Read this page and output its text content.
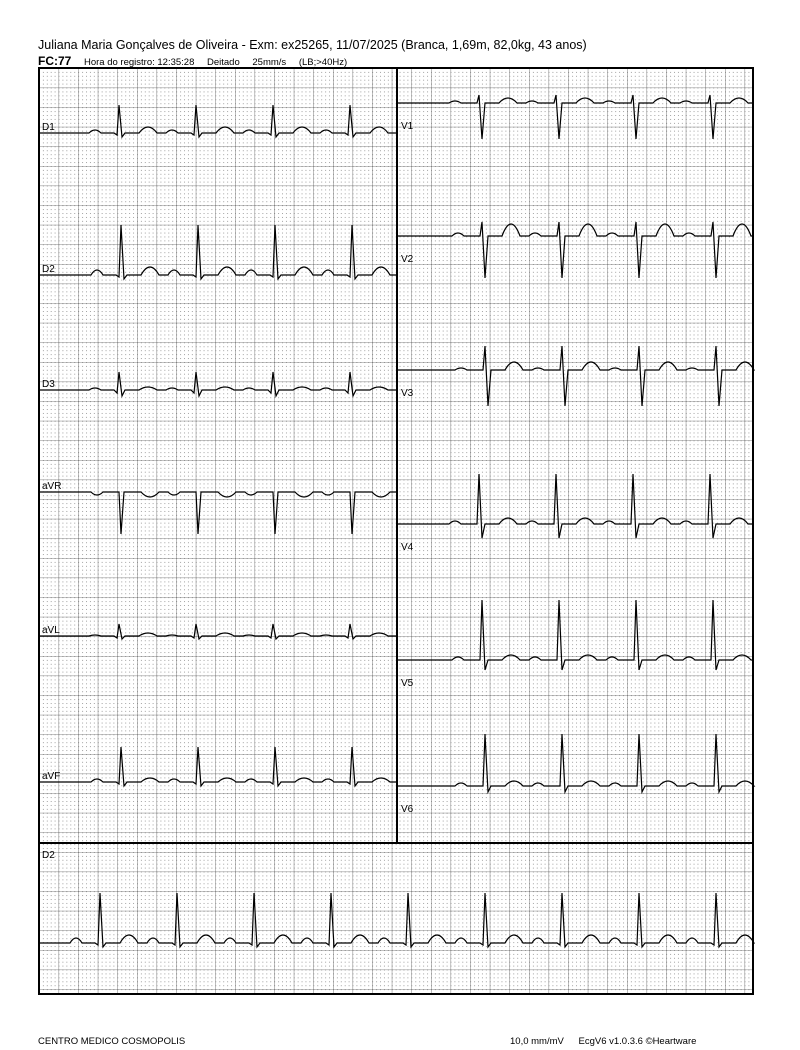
Juliana Maria Gonçalves de Oliveira - Exm: ex25265, 11/07/2025 (Branca, 1,69m, 82,0kg, 43 anos)
FC:77 Hora do registro: 12:35:28 Deitado 25mm/s (LB;>40Hz)
D1
D2
D3
aVR
aVL
aVF
V1
V2
V3
V4
V5
V6
D2
CENTRO MEDICO COSMOPOLIS	10,0 mm/mV EcgV6 v1.0.3.6 ©Heartware
